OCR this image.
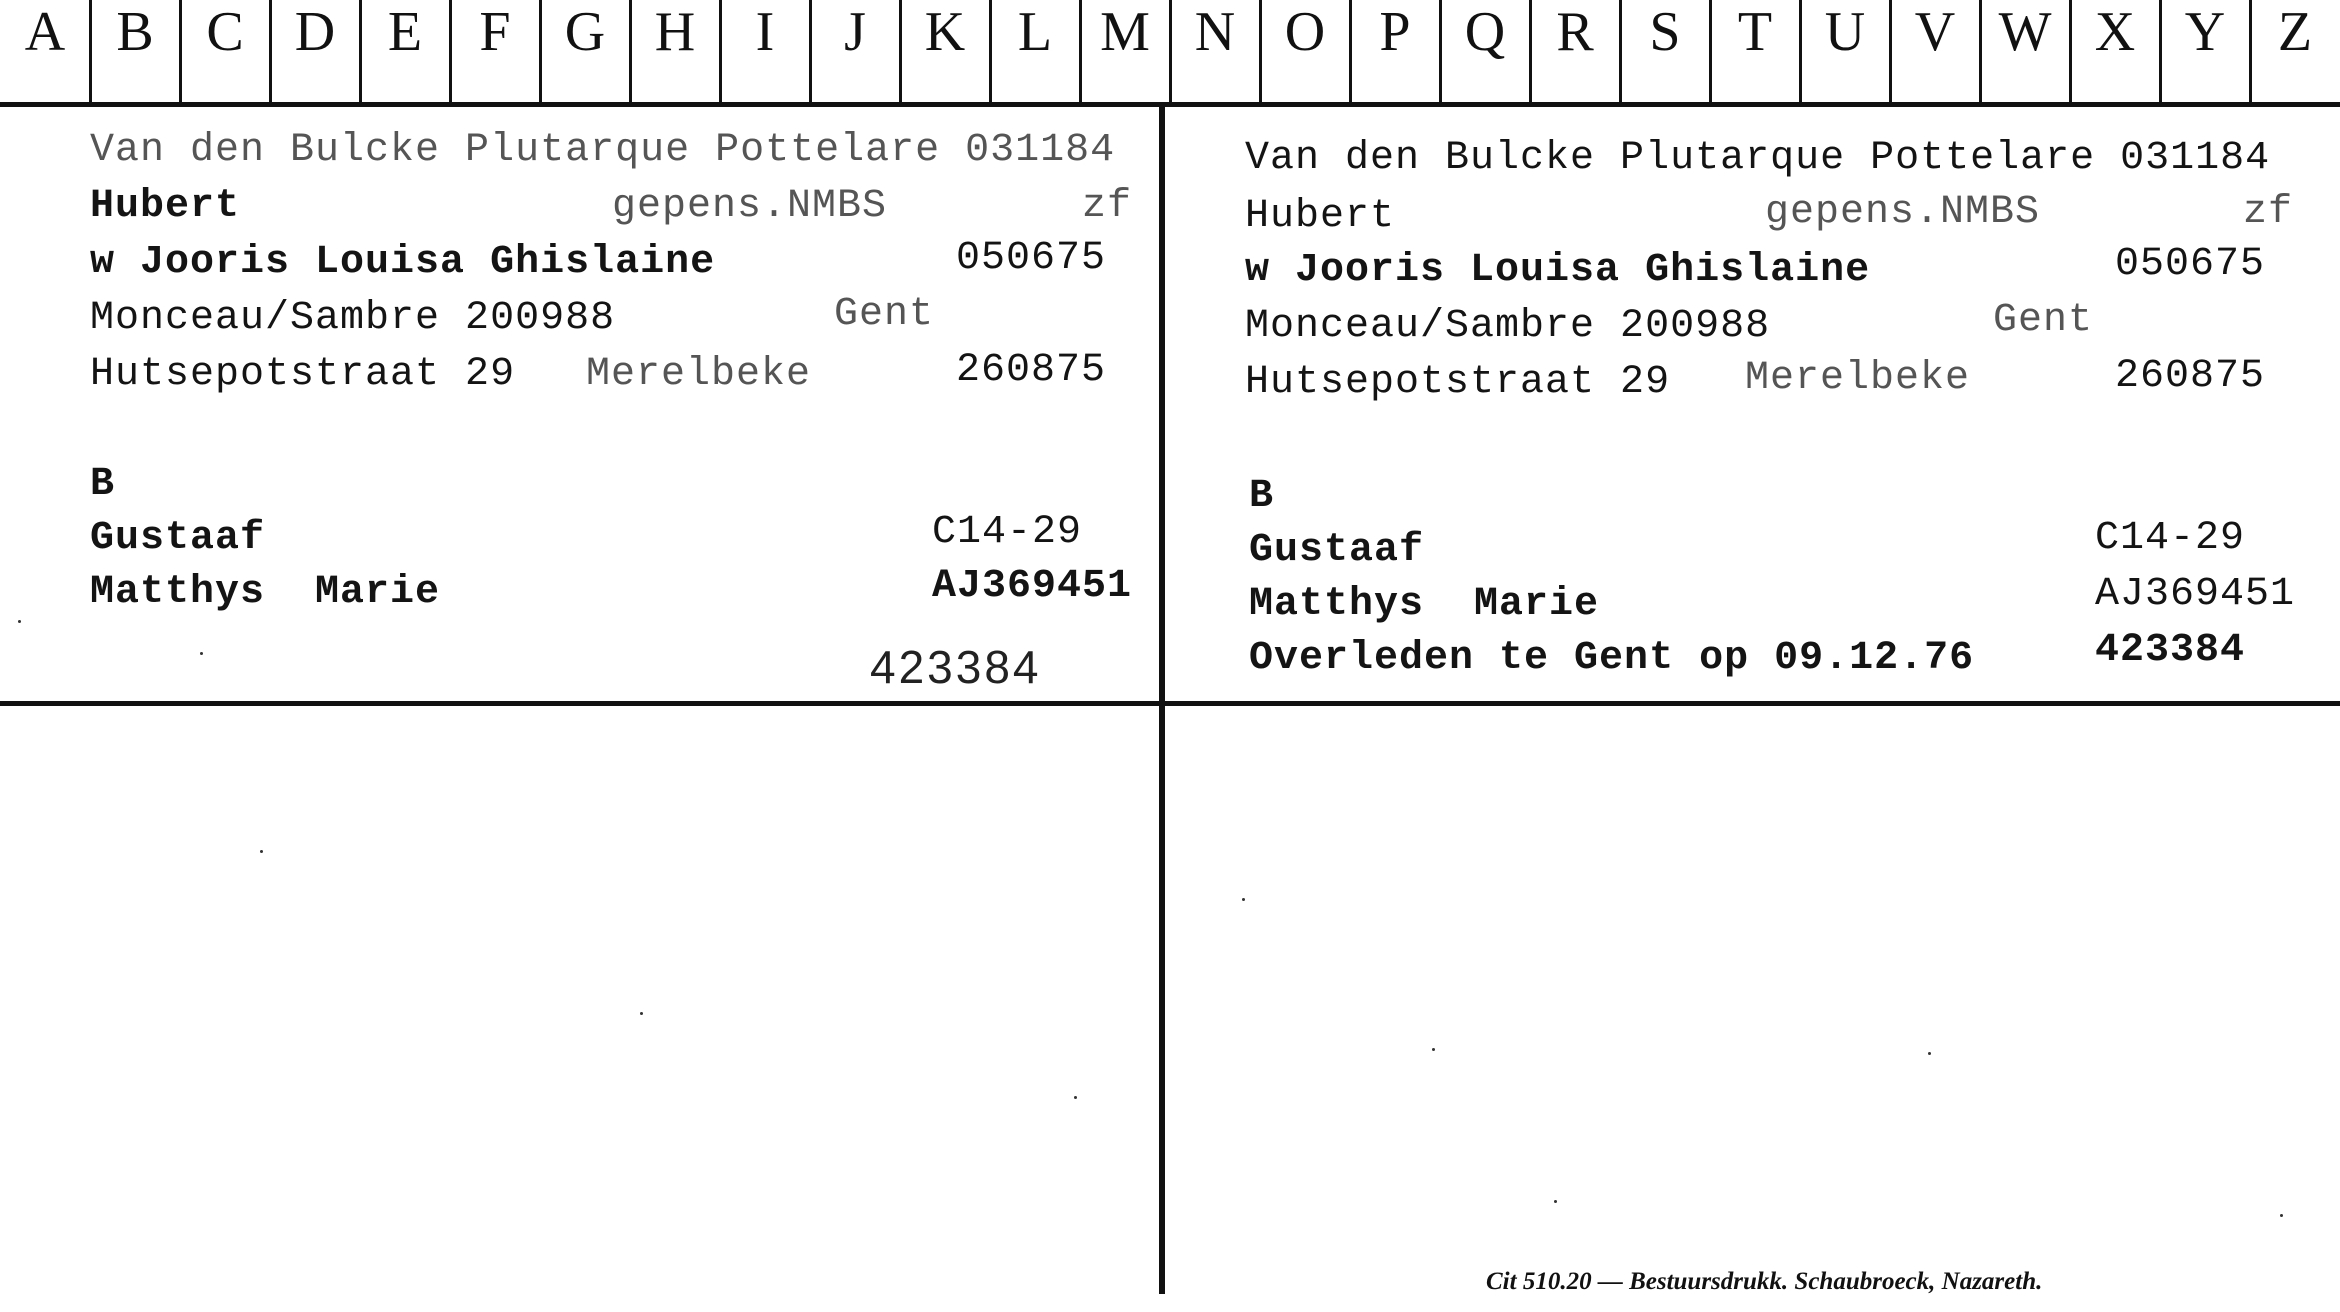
A B C D E	F G H	I	J	K L M N O P Q R S	T U V W X Y Z
Van den Bulcke Plutarque Pottelare 031184
Hubert	gepens.NMBS	zf
w Jooris Louisa Ghislaine	050675
Monceau/Sambre 200988	Gent
Hutsepotstraat 29 Merelbeke	260875
B
Gustaaf	C14-29
Matthys  Marie	AJ369451
423384
Van den Bulcke Plutarque Pottelare 031184
Hubert	gepens.NMBS	zf
w Jooris Louisa Ghislaine	050675
Monceau/Sambre 200988	Gent
Hutsepotstraat 29 Merelbeke	260875
B
Gustaaf	C14-29
Matthys  Marie	AJ369451
Overleden te Gent op 09.12.76	423384
Cit 510.20 — Bestuursdrukk. Schaubroeck, Nazareth.
